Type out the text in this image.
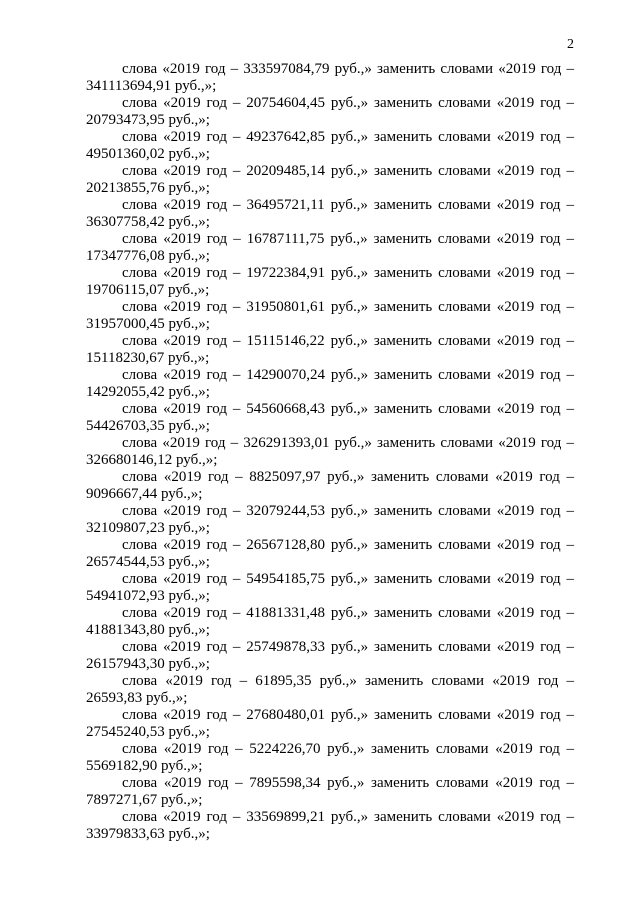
2

слова «2019 год – 333597084,79 руб.,» заменить словами «2019 год – 341113694,91 руб.,»;

слова «2019 год – 20754604,45 руб.,» заменить словами «2019 год – 20793473,95 руб.,»;

слова «2019 год – 49237642,85 руб.,» заменить словами «2019 год – 49501360,02 руб.,»;

слова «2019 год – 20209485,14 руб.,» заменить словами «2019 год – 20213855,76 руб.,»;

слова «2019 год – 36495721,11 руб.,» заменить словами «2019 год – 36307758,42 руб.,»;

слова «2019 год – 16787111,75 руб.,» заменить словами «2019 год – 17347776,08 руб.,»;

слова «2019 год – 19722384,91 руб.,» заменить словами «2019 год – 19706115,07 руб.,»;

слова «2019 год – 31950801,61 руб.,» заменить словами «2019 год – 31957000,45 руб.,»;

слова «2019 год – 15115146,22 руб.,» заменить словами «2019 год – 15118230,67 руб.,»;

слова «2019 год – 14290070,24 руб.,» заменить словами «2019 год – 14292055,42 руб.,»;

слова «2019 год – 54560668,43 руб.,» заменить словами «2019 год – 54426703,35 руб.,»;

слова «2019 год – 326291393,01 руб.,» заменить словами «2019 год – 326680146,12 руб.,»;

слова «2019 год – 8825097,97 руб.,» заменить словами «2019 год – 9096667,44 руб.,»;

слова «2019 год – 32079244,53 руб.,» заменить словами «2019 год – 32109807,23 руб.,»;

слова «2019 год – 26567128,80 руб.,» заменить словами «2019 год – 26574544,53 руб.,»;

слова «2019 год – 54954185,75 руб.,» заменить словами «2019 год – 54941072,93 руб.,»;

слова «2019 год – 41881331,48 руб.,» заменить словами «2019 год – 41881343,80 руб.,»;

слова «2019 год – 25749878,33 руб.,» заменить словами «2019 год – 26157943,30 руб.,»;

слова «2019 год – 61895,35 руб.,» заменить словами «2019 год – 26593,83 руб.,»;

слова «2019 год – 27680480,01 руб.,» заменить словами «2019 год – 27545240,53 руб.,»;

слова «2019 год – 5224226,70 руб.,» заменить словами «2019 год – 5569182,90 руб.,»;

слова «2019 год – 7895598,34 руб.,» заменить словами «2019 год – 7897271,67 руб.,»;

слова «2019 год – 33569899,21 руб.,» заменить словами «2019 год – 33979833,63 руб.,»;
